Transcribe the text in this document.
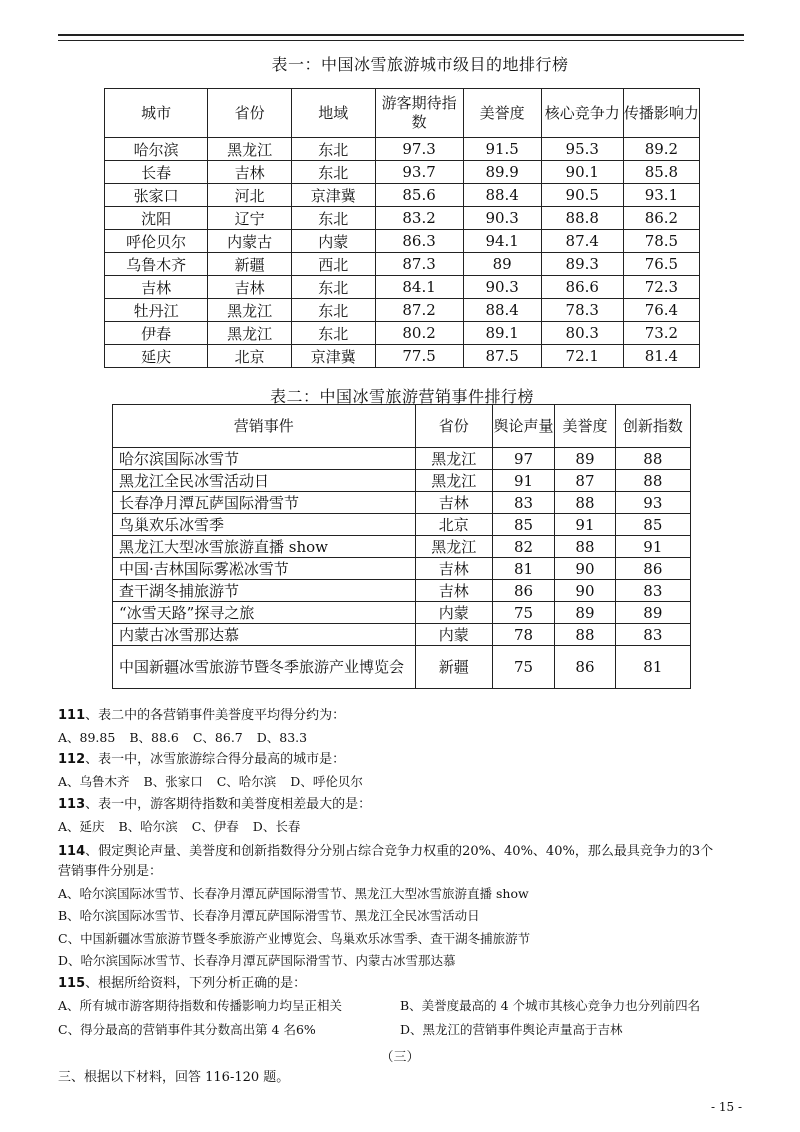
表一：中国冰雪旅游城市级目的地排行榜
城市	省份	地域	游客期待指数	美誉度	核心竞争力	传播影响力
哈尔滨	黑龙江	东北	97.3	91.5	95.3	89.2
长春	吉林	东北	93.7	89.9	90.1	85.8
张家口	河北	京津冀	85.6	88.4	90.5	93.1
沈阳	辽宁	东北	83.2	90.3	88.8	86.2
呼伦贝尔	内蒙古	内蒙	86.3	94.1	87.4	78.5
乌鲁木齐	新疆	西北	87.3	89	89.3	76.5
吉林	吉林	东北	84.1	90.3	86.6	72.3
牡丹江	黑龙江	东北	87.2	88.4	78.3	76.4
伊春	黑龙江	东北	80.2	89.1	80.3	73.2
延庆	北京	京津冀	77.5	87.5	72.1	81.4
表二：中国冰雪旅游营销事件排行榜
营销事件	省份	舆论声量	美誉度	创新指数
哈尔滨国际冰雪节	黑龙江	97	89	88
黑龙江全民冰雪活动日	黑龙江	91	87	88
长春净月潭瓦萨国际滑雪节	吉林	83	88	93
鸟巢欢乐冰雪季	北京	85	91	85
黑龙江大型冰雪旅游直播 show	黑龙江	82	88	91
中国·吉林国际雾凇冰雪节	吉林	81	90	86
查干湖冬捕旅游节	吉林	86	90	83
“冰雪天路”探寻之旅	内蒙	75	89	89
内蒙古冰雪那达慕	内蒙	78	88	83
中国新疆冰雪旅游节暨冬季旅游产业博览会	新疆	75	86	81
111、表二中的各营销事件美誉度平均得分约为：
A、89.85 B、88.6 C、86.7 D、83.3
112、表一中，冰雪旅游综合得分最高的城市是：
A、乌鲁木齐 B、张家口 C、哈尔滨 D、呼伦贝尔
113、表一中，游客期待指数和美誉度相差最大的是：
A、延庆 B、哈尔滨 C、伊春 D、长春
114、假定舆论声量、美誉度和创新指数得分分别占综合竞争力权重的20%、40%、40%，那么最具竞争力的3个
营销事件分别是：
A、哈尔滨国际冰雪节、长春净月潭瓦萨国际滑雪节、黑龙江大型冰雪旅游直播 show
B、哈尔滨国际冰雪节、长春净月潭瓦萨国际滑雪节、黑龙江全民冰雪活动日
C、中国新疆冰雪旅游节暨冬季旅游产业博览会、鸟巢欢乐冰雪季、查干湖冬捕旅游节
D、哈尔滨国际冰雪节、长春净月潭瓦萨国际滑雪节、内蒙古冰雪那达慕
115、根据所给资料，下列分析正确的是：
A、所有城市游客期待指数和传播影响力均呈正相关	B、美誉度最高的 4 个城市其核心竞争力也分列前四名
C、得分最高的营销事件其分数高出第 4 名6%	D、黑龙江的营销事件舆论声量高于吉林
（三）
三、根据以下材料，回答 116-120 题。
- 15 -
